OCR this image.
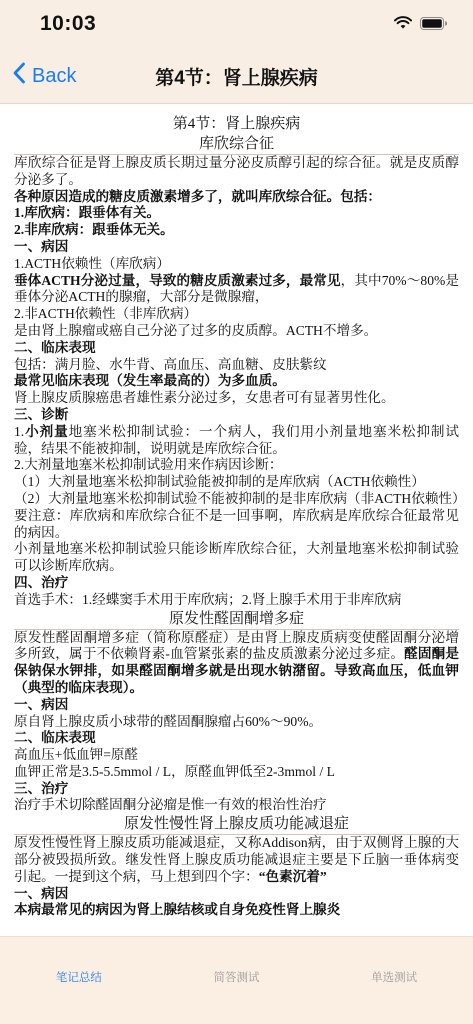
10:03
Back	第4节：肾上腺疾病
第4节：肾上腺疾病
库欣综合征
库欣综合征是肾上腺皮质长期过量分泌皮质醇引起的综合征。就是皮质醇分泌多了。
各种原因造成的糖皮质激素增多了，就叫库欣综合征。包括：
1.库欣病：跟垂体有关。
2.非库欣病：跟垂体无关。
一、病因
1.ACTH依赖性（库欣病）
垂体ACTH分泌过量，导致的糖皮质激素过多，最常见，其中70%～80%是垂体分泌ACTH的腺瘤，大部分是微腺瘤，
2.非ACTH依赖性（非库欣病）
是由肾上腺瘤或癌自己分泌了过多的皮质醇。ACTH不增多。
二、临床表现
包括：满月脸、水牛背、高血压、高血糖、皮肤紫纹
最常见临床表现（发生率最高的）为多血质。
肾上腺皮质腺癌患者雄性素分泌过多，女患者可有显著男性化。
三、诊断
1.小剂量地塞米松抑制试验：一个病人，我们用小剂量地塞米松抑制试验，结果不能被抑制，说明就是库欣综合征。
2.大剂量地塞米松抑制试验用来作病因诊断：
（1）大剂量地塞米松抑制试验能被抑制的是库欣病（ACTH依赖性）
（2）大剂量地塞米松抑制试验不能被抑制的是非库欣病（非ACTH依赖性）
要注意：库欣病和库欣综合征不是一回事啊，库欣病是库欣综合征最常见的病因。
小剂量地塞米松抑制试验只能诊断库欣综合征，大剂量地塞米松抑制试验可以诊断库欣病。
四、治疗
首选手术：1.经蝶窦手术用于库欣病；2.肾上腺手术用于非库欣病
原发性醛固酮增多症
原发性醛固酮增多症（简称原醛症）是由肾上腺皮质病变使醛固酮分泌增多所致，属于不依赖肾素-血管紧张素的盐皮质激素分泌过多症。醛固酮是保钠保水钾排，如果醛固酮增多就是出现水钠潴留。导致高血压，低血钾（典型的临床表现）。
一、病因
原自肾上腺皮质小球带的醛固酮腺瘤占60%～90%。
二、临床表现
高血压+低血钾=原醛
血钾正常是3.5-5.5mmol / L，原醛血钾低至2-3mmol / L
三、治疗
治疗手术切除醛固酮分泌瘤是惟一有效的根治性治疗
原发性慢性肾上腺皮质功能减退症
原发性慢性肾上腺皮质功能减退症，又称Addison病，由于双侧肾上腺的大部分被毁损所致。继发性肾上腺皮质功能减退症主要是下丘脑一垂体病变引起。一提到这个病，马上想到四个字：“色素沉着”
一、病因
本病最常见的病因为肾上腺结核或自身免疫性肾上腺炎
笔记总结	简答测试	单选测试
